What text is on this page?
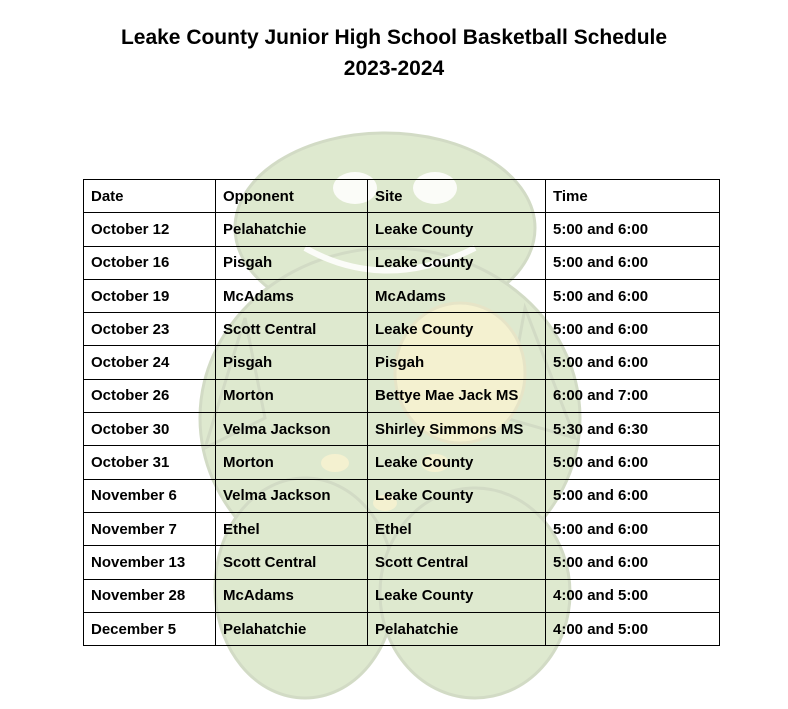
Leake County Junior High School Basketball Schedule
2023-2024
Date	Opponent	Site	Time
October 12	Pelahatchie	Leake County	5:00 and 6:00
October 16	Pisgah	Leake County	5:00 and 6:00
October 19	McAdams	McAdams	5:00 and 6:00
October 23	Scott Central	Leake County	5:00 and 6:00
October 24	Pisgah	Pisgah	5:00 and 6:00
October 26	Morton	Bettye Mae Jack MS	6:00 and 7:00
October 30	Velma Jackson	Shirley Simmons MS	5:30 and 6:30
October 31	Morton	Leake County	5:00 and 6:00
November 6	Velma Jackson	Leake County	5:00 and 6:00
November 7	Ethel	Ethel	5:00 and 6:00
November 13	Scott Central	Scott Central	5:00 and 6:00
November 28	McAdams	Leake County	4:00 and 5:00
December 5	Pelahatchie	Pelahatchie	4:00 and 5:00
